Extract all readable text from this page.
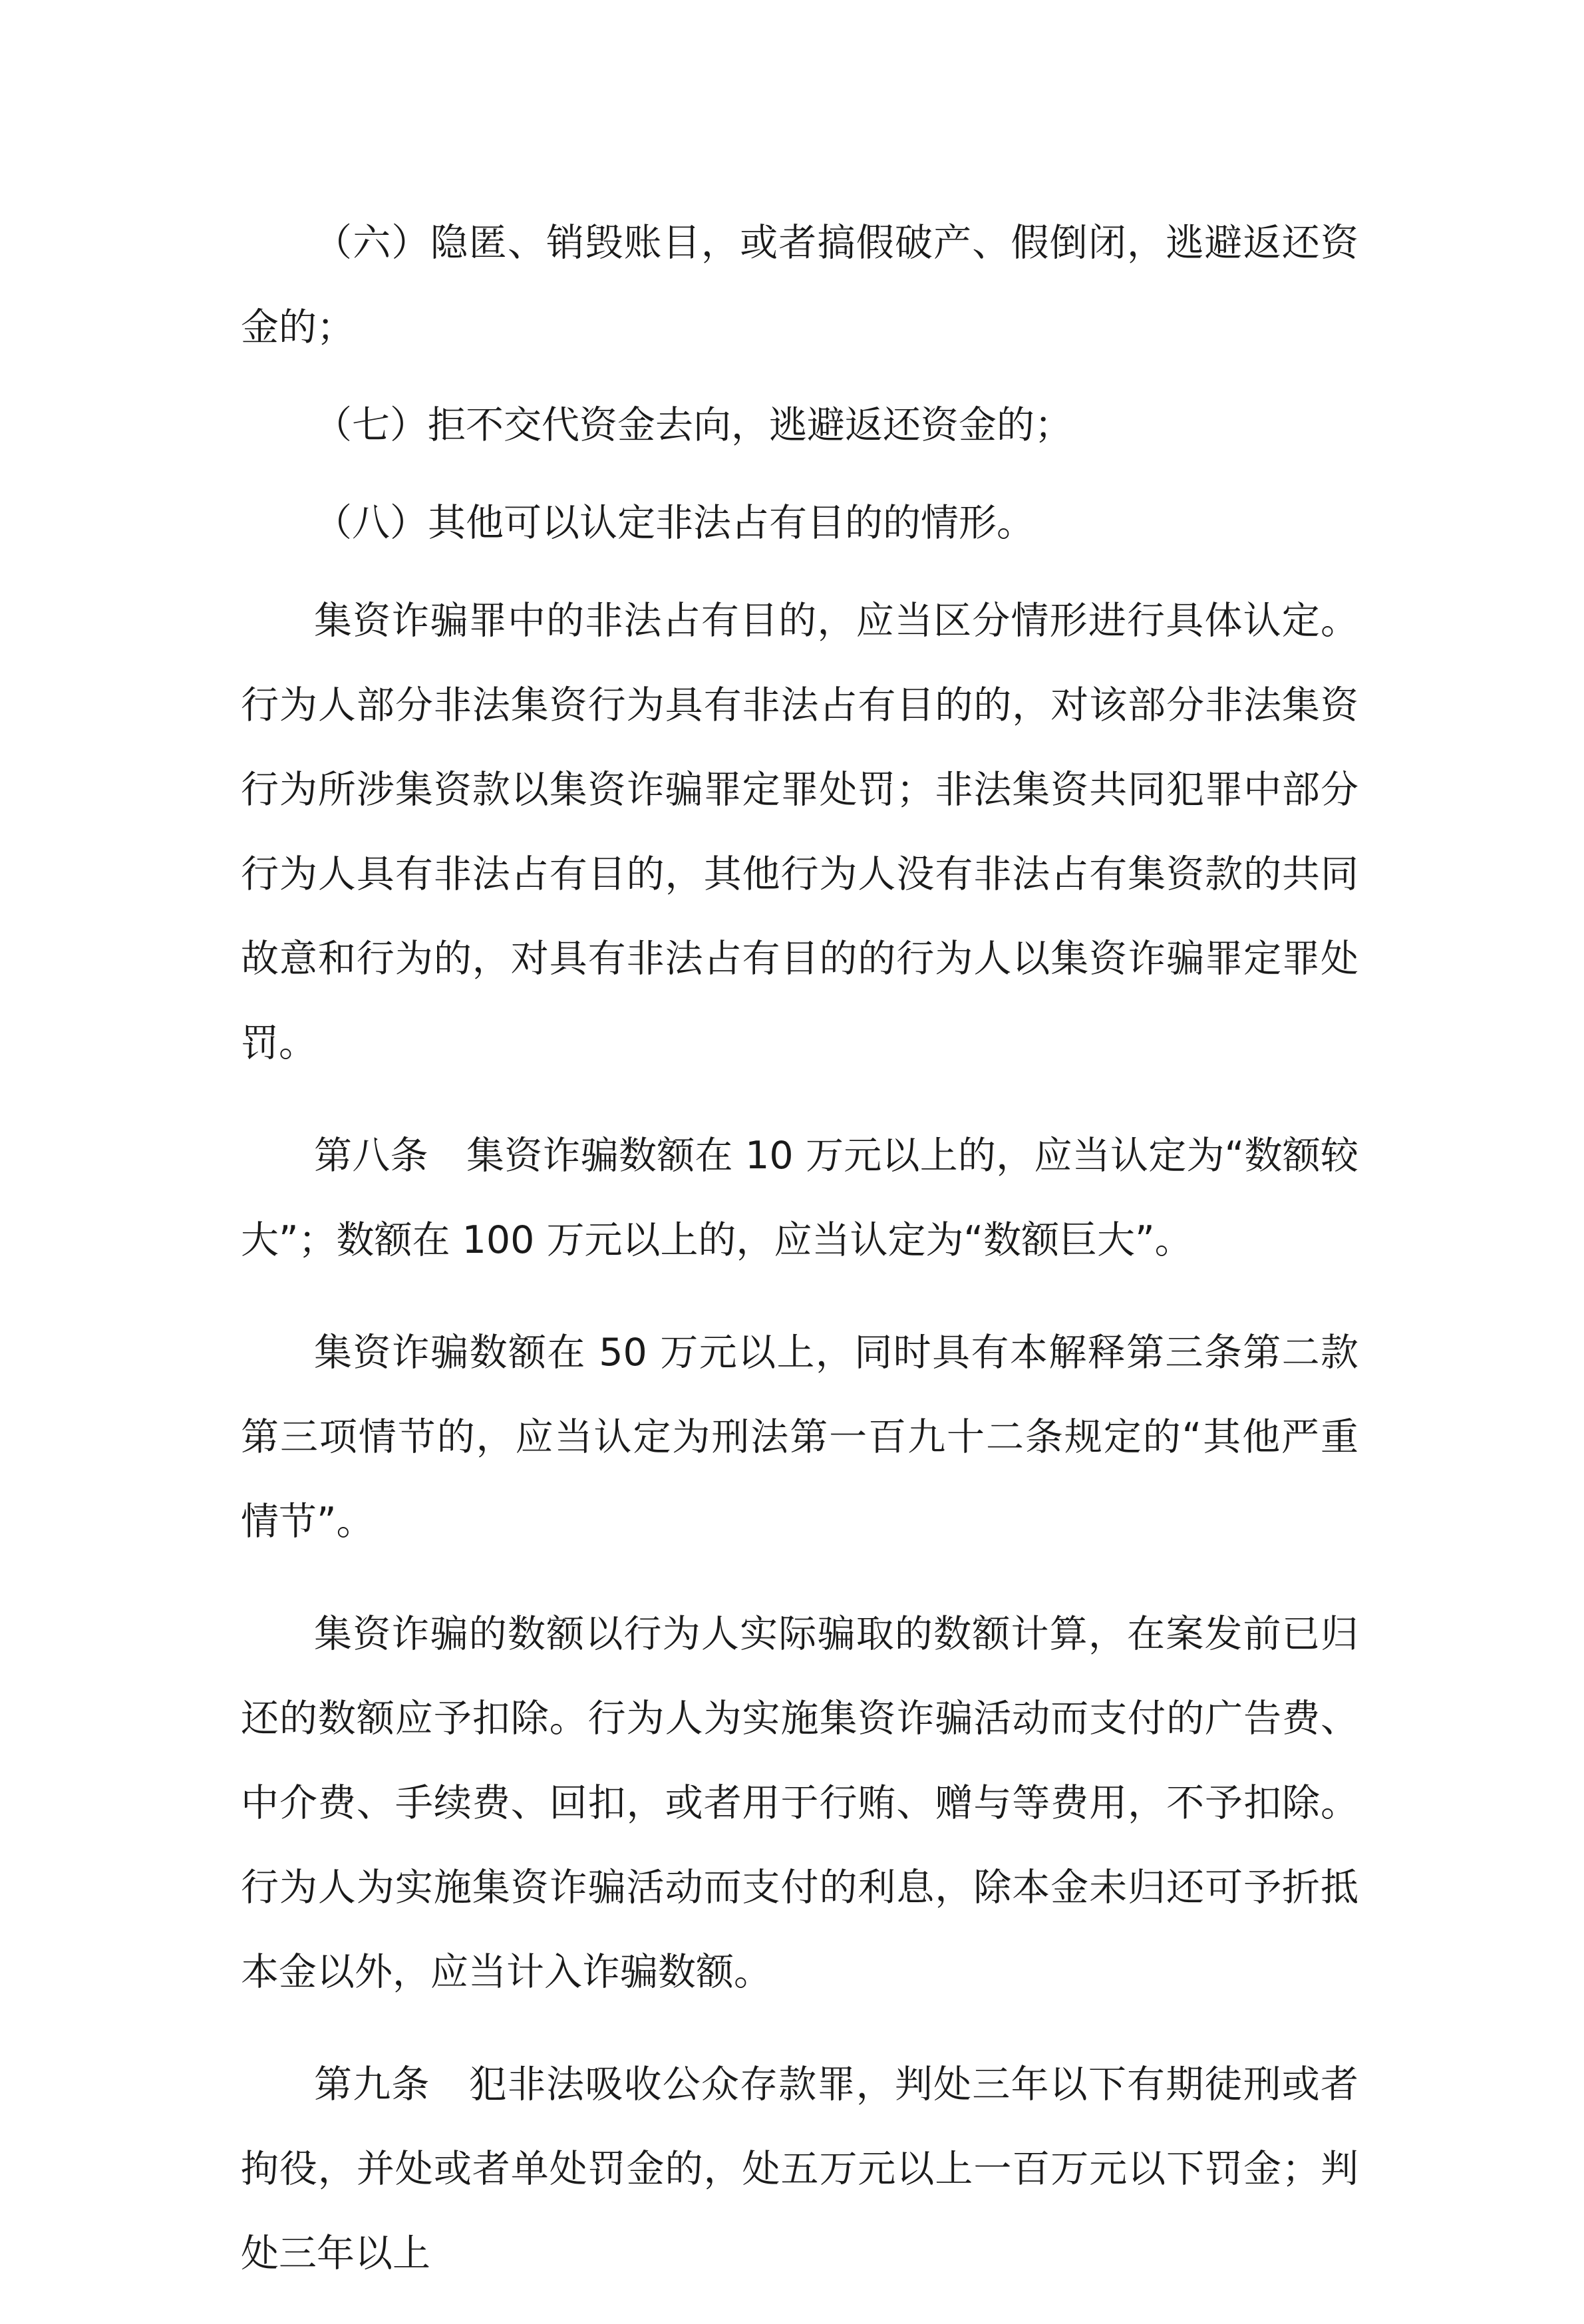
（六）隐匿、销毁账目，或者搞假破产、假倒闭，逃避返还资金的；

（七）拒不交代资金去向，逃避返还资金的；

（八）其他可以认定非法占有目的的情形。

集资诈骗罪中的非法占有目的，应当区分情形进行具体认定。行为人部分非法集资行为具有非法占有目的的，对该部分非法集资行为所涉集资款以集资诈骗罪定罪处罚；非法集资共同犯罪中部分行为人具有非法占有目的，其他行为人没有非法占有集资款的共同故意和行为的，对具有非法占有目的的行为人以集资诈骗罪定罪处罚。

第八条　集资诈骗数额在 10 万元以上的，应当认定为“数额较大”；数额在 100 万元以上的，应当认定为“数额巨大”。

集资诈骗数额在 50 万元以上，同时具有本解释第三条第二款第三项情节的，应当认定为刑法第一百九十二条规定的“其他严重情节”。

集资诈骗的数额以行为人实际骗取的数额计算，在案发前已归还的数额应予扣除。行为人为实施集资诈骗活动而支付的广告费、中介费、手续费、回扣，或者用于行贿、赠与等费用，不予扣除。行为人为实施集资诈骗活动而支付的利息，除本金未归还可予折抵本金以外，应当计入诈骗数额。

第九条　犯非法吸收公众存款罪，判处三年以下有期徒刑或者拘役，并处或者单处罚金的，处五万元以上一百万元以下罚金；判处三年以上
